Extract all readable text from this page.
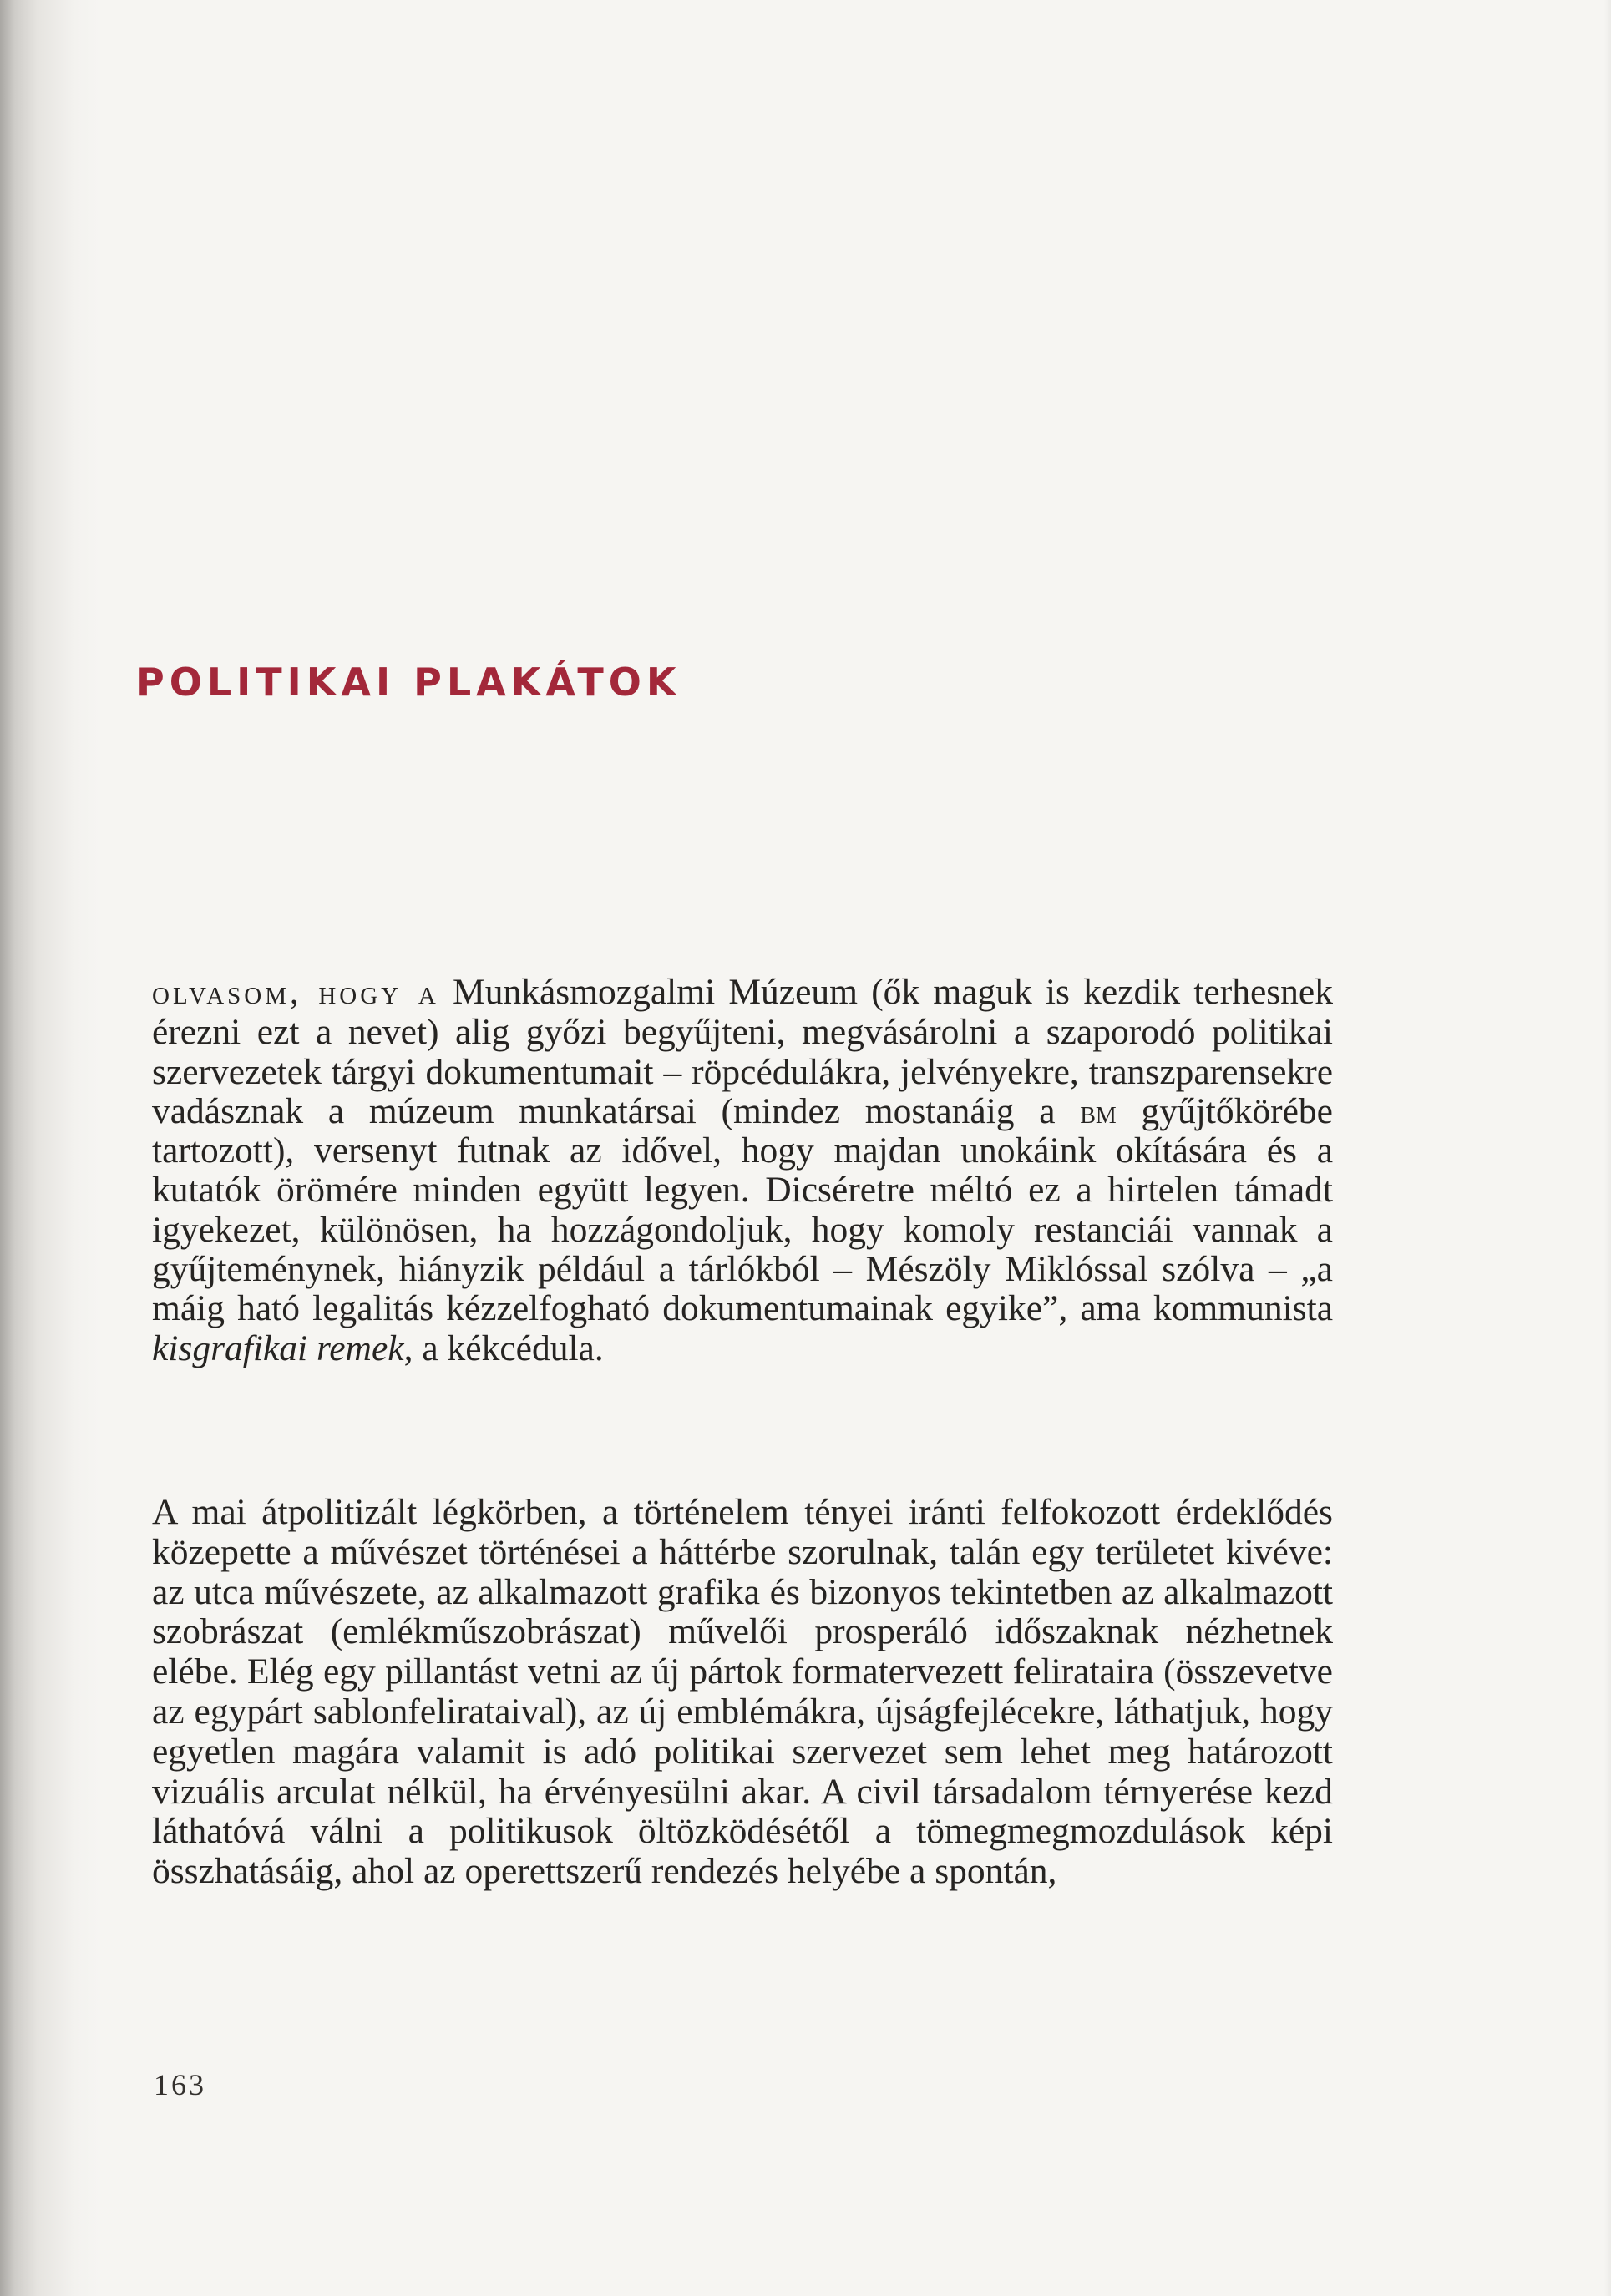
POLITIKAI PLAKÁTOK

olvasom, hogy a Munkásmozgalmi Múzeum (ők maguk is kezdik terhesnek érezni ezt a nevet) alig győzi begyűjteni, megvásárolni a szaporodó politikai szervezetek tárgyi dokumentumait – röpcédulákra, jelvényekre, transzparensekre vadásznak a múzeum munkatársai (mindez mostanáig a bm gyűjtőkörébe tartozott), versenyt futnak az idővel, hogy majdan unokáink okítására és a kutatók örömére minden együtt legyen. Dicséretre méltó ez a hirtelen támadt igyekezet, különösen, ha hozzágondoljuk, hogy komoly restanciái vannak a gyűjteménynek, hiányzik például a tárlókból – Mészöly Miklóssal szólva – „a máig ható legalitás kézzelfogható dokumentumainak egyike”, ama kommunista kisgrafikai remek, a kékcédula.

A mai átpolitizált légkörben, a történelem tényei iránti felfokozott érdeklődés közepette a művészet történései a háttérbe szorulnak, talán egy területet kivéve: az utca művészete, az alkalmazott grafika és bizonyos tekintetben az alkalmazott szobrászat (emlékműszobrászat) művelői prosperáló időszaknak nézhetnek elébe. Elég egy pillantást vetni az új pártok formatervezett felirataira (összevetve az egypárt sablonfelirataival), az új emblémákra, újságfejlécekre, láthatjuk, hogy egyetlen magára valamit is adó politikai szervezet sem lehet meg határozott vizuális arculat nélkül, ha érvényesülni akar. A civil társadalom térnyerése kezd láthatóvá válni a politikusok öltözködésétől a tömegmegmozdulások képi összhatásáig, ahol az operettszerű rendezés helyébe a spontán,

163
